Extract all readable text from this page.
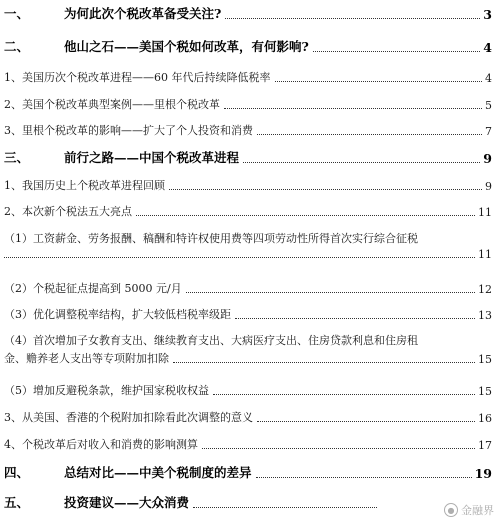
一、	为何此次个税改革备受关注?	3
二、	他山之石——美国个税如何改革，有何影响?	4
1、美国历次个税改革进程——60 年代后持续降低税率	4
2、美国个税改革典型案例——里根个税改革	5
3、里根个税改革的影响——扩大了个人投资和消费	7
三、	前行之路——中国个税改革进程	9
1、我国历史上个税改革进程回顾	9
2、本次新个税法五大亮点	11
（1）工资薪金、劳务报酬、稿酬和特许权使用费等四项劳动性所得首次实行综合征税
11
（2）个税起征点提高到 5000 元/月	12
（3）优化调整税率结构，扩大较低档税率级距	13
（4）首次增加子女教育支出、继续教育支出、大病医疗支出、住房贷款利息和住房租
金、赡养老人支出等专项附加扣除	15
（5）增加反避税条款，维护国家税收权益	15
3、从美国、香港的个税附加扣除看此次调整的意义	16
4、个税改革后对收入和消费的影响测算	17
四、	总结对比——中美个税制度的差异	19
五、	投资建议——大众消费	● 金融界
